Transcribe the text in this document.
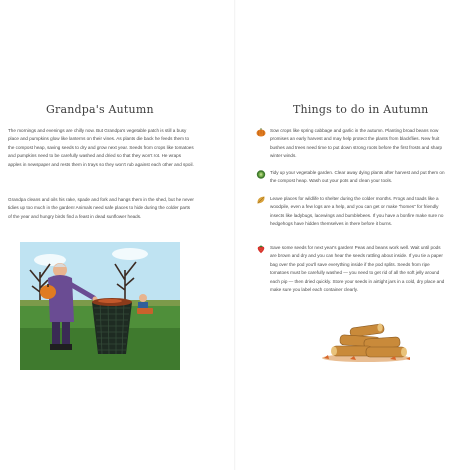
Grandpa's Autumn

The mornings and evenings are chilly now. But Grandpa's vegetable patch is still a busy place and pumpkins glow like lanterns on their vines. As plants die back he feeds them to the compost heap, saving seeds to dry and grow next year. Seeds from crops like tomatoes and pumpkins need to be carefully washed and dried so that they won't rot. He wraps apples in newspaper and rests them in trays so they won't rub against each other and spoil.

Grandpa cleans and oils his rake, spade and fork and hangs them in the shed, but he never tidies up too much in the garden! Animals need safe places to hide during the colder parts of the year and hungry birds find a feast in dead sunflower heads.

Things to do in Autumn

Sow crops like spring cabbage and garlic in the autumn. Planting broad beans now promises an early harvest and may help protect the plants from blackflies. New fruit bushes and trees need time to put down strong roots before the first frosts and sharp winter winds.

Tidy up your vegetable garden. Clear away dying plants after harvest and put them on the compost heap. Wash out your pots and clean your tools.

Leave places for wildlife to shelter during the colder months. Frogs and toads like a woodpile, even a few logs are a help, and you can get or make "homes" for friendly insects like ladybugs, lacewings and bumblebees. If you have a bonfire make sure no hedgehogs have hidden themselves in there before it burns.

Save some seeds for next year's garden! Peas and beans work well. Wait until pods are brown and dry and you can hear the seeds rattling about inside. If you tie a paper bag over the pod you'll save everything inside if the pod splits. Seeds from ripe tomatoes must be carefully washed — you need to get rid of all the soft jelly around each pip — then dried quickly. Store your seeds in airtight jars in a cold, dry place and make sure you label each container clearly.
